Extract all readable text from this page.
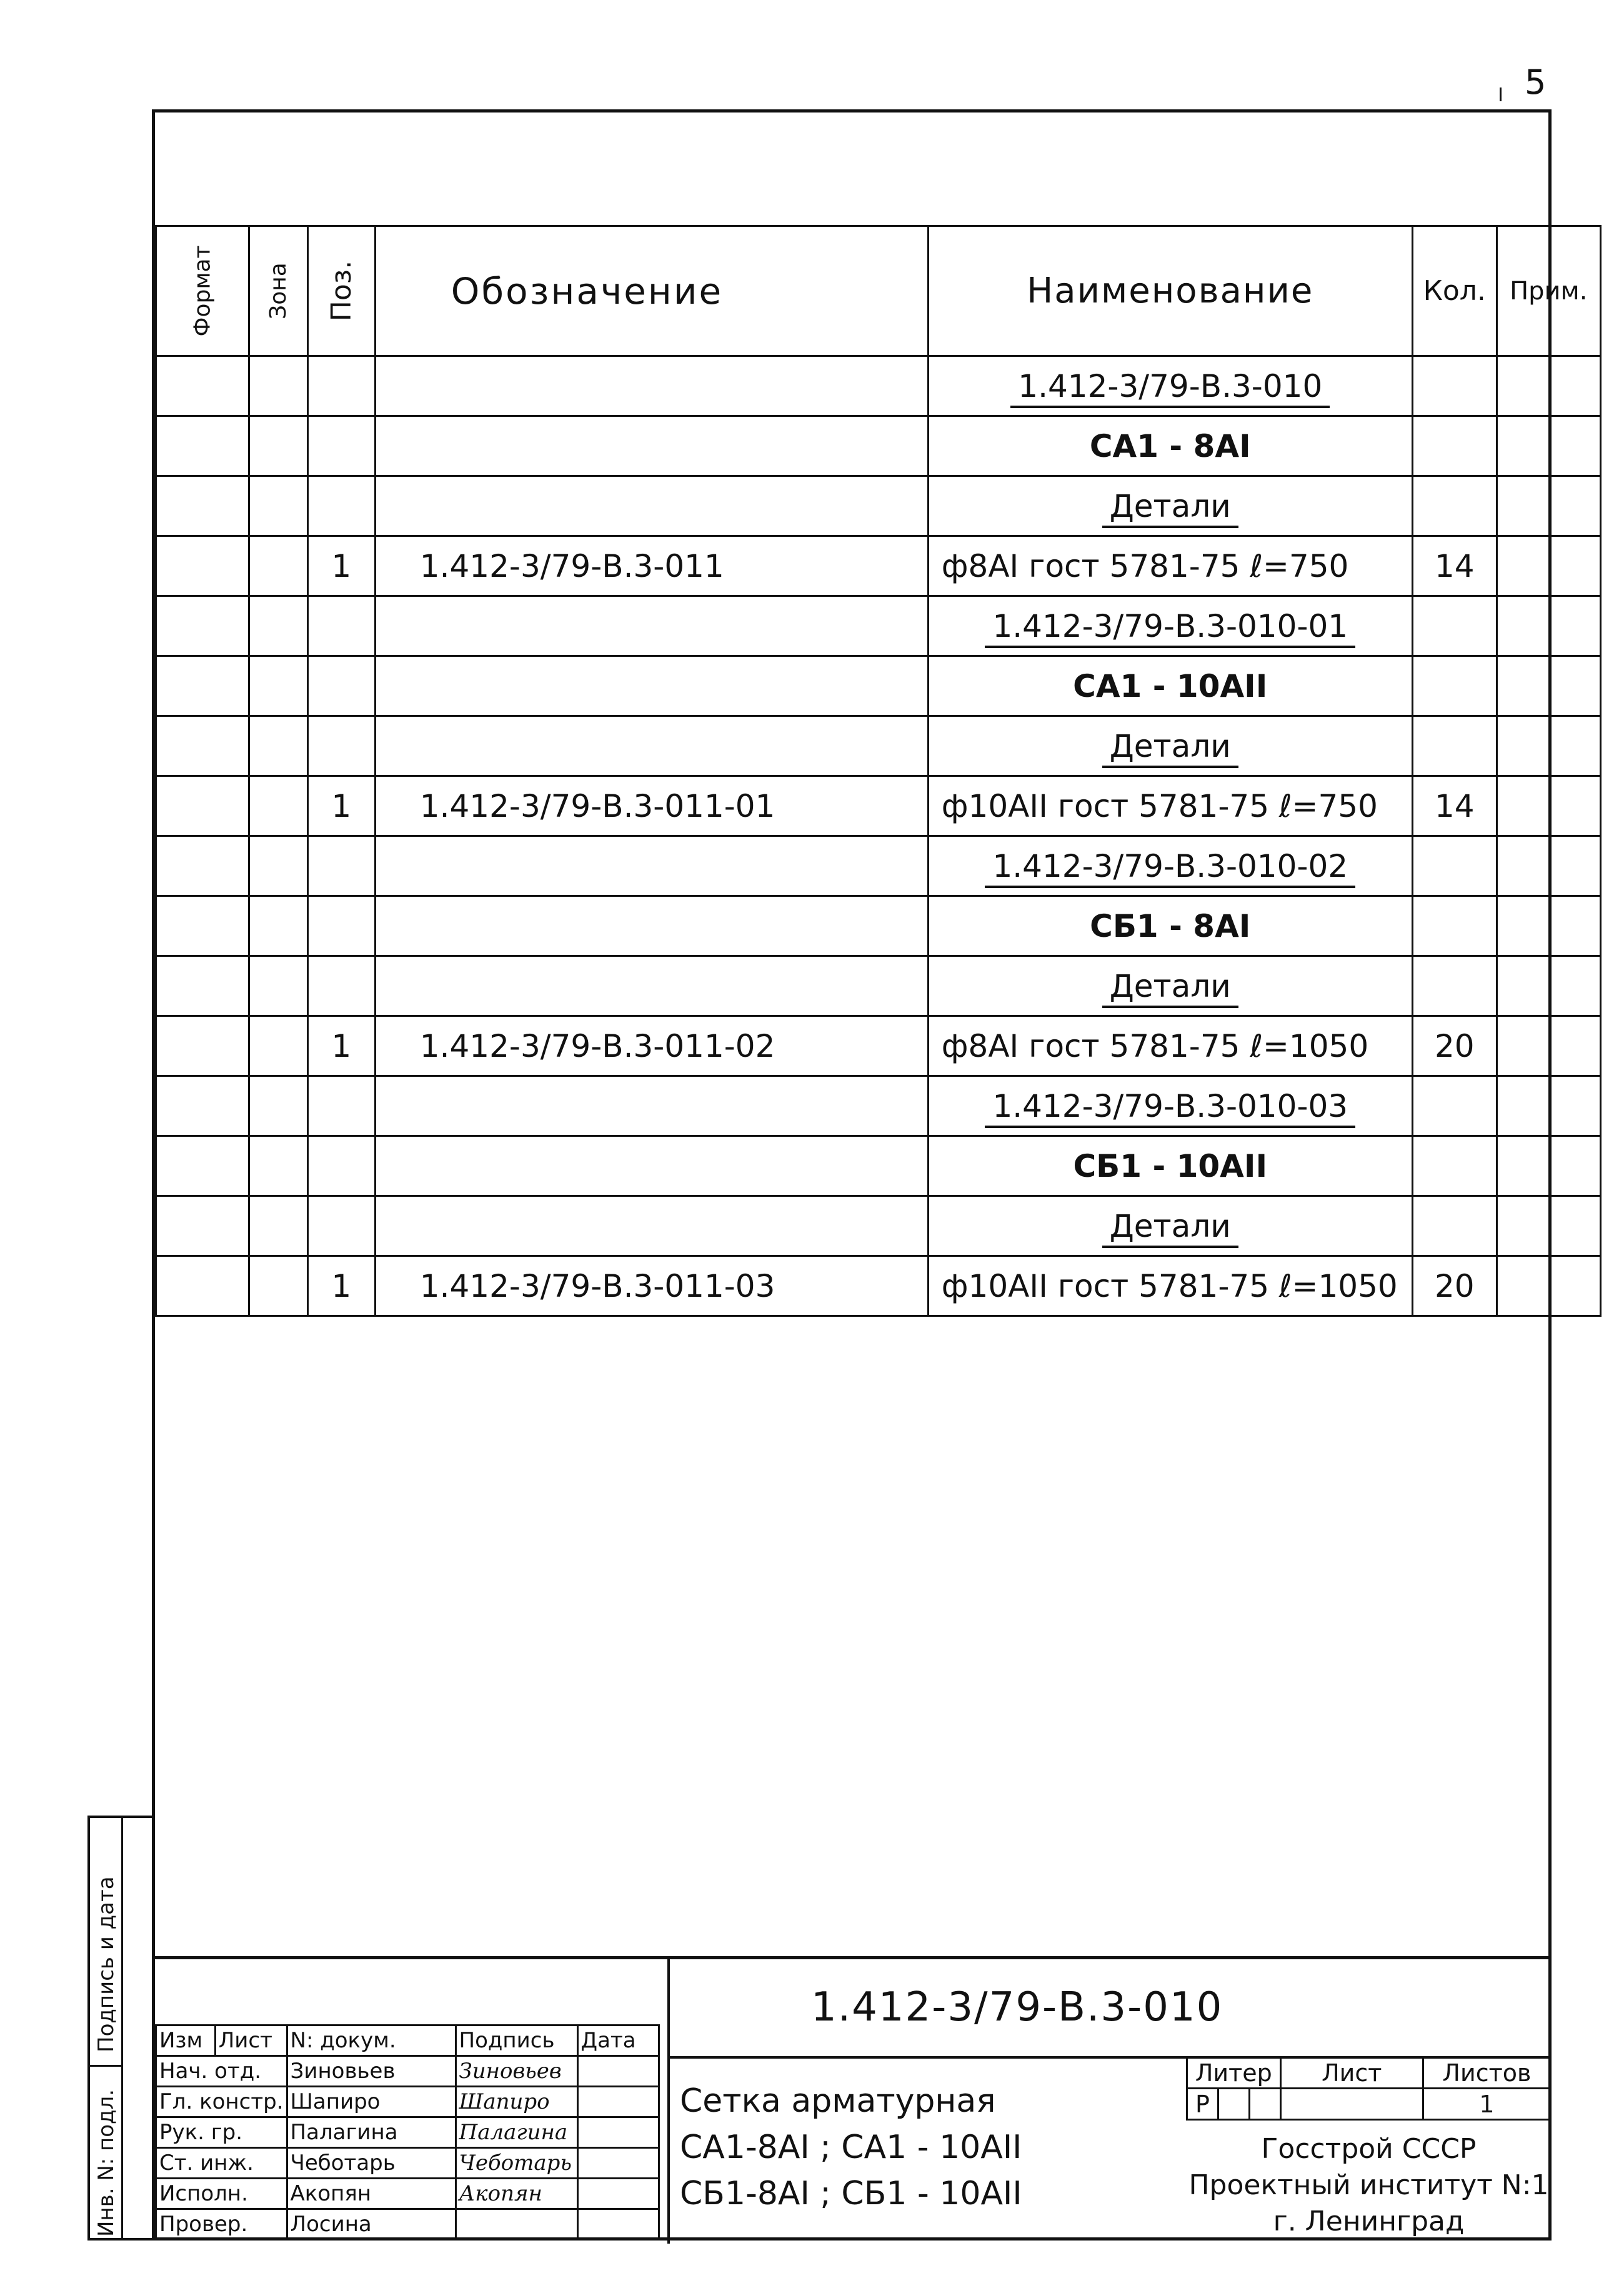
5
Формат	Зона	Поз.	Обозначение	Наименование	Кол.	Прим.
				1.412-3/79-В.3-010		
				СА1 - 8АI		
				Детали		
		1	1.412-3/79-В.3-011	ф8АI гост 5781-75 ℓ=750	14	
				1.412-3/79-В.3-010-01		
				СА1 - 10АII		
				Детали		
		1	1.412-3/79-В.3-011-01	ф10АII гост 5781-75 ℓ=750	14	
				1.412-3/79-В.3-010-02		
				СБ1 - 8АI		
				Детали		
		1	1.412-3/79-В.3-011-02	ф8АI гост 5781-75 ℓ=1050	20	
				1.412-3/79-В.3-010-03		
				СБ1 - 10АII		
				Детали		
		1	1.412-3/79-В.3-011-03	ф10АII гост 5781-75 ℓ=1050	20	
Подпись и дата
Инв. N: подл.

Изм	Лист	N: докум.	Подпись	Дата
Нач. отд.		Зиновьев	Зиновьев	
Гл. констр.		Шапиро	Шапиро	
Рук. гр.		Палагина	Палагина	
Ст. инж.		Чеботарь	Чеботарь	
Исполн.		Акопян	Акопян	
Провер.		Лосина		
1.412-3/79-В.3-010
Сетка арматурная
СА1-8АI ; СА1 - 10АII
СБ1-8АI ; СБ1 - 10АII
Литер			Лист	Листов
Р				1
Госстрой СССР
Проектный институт N:1
г. Ленинград
